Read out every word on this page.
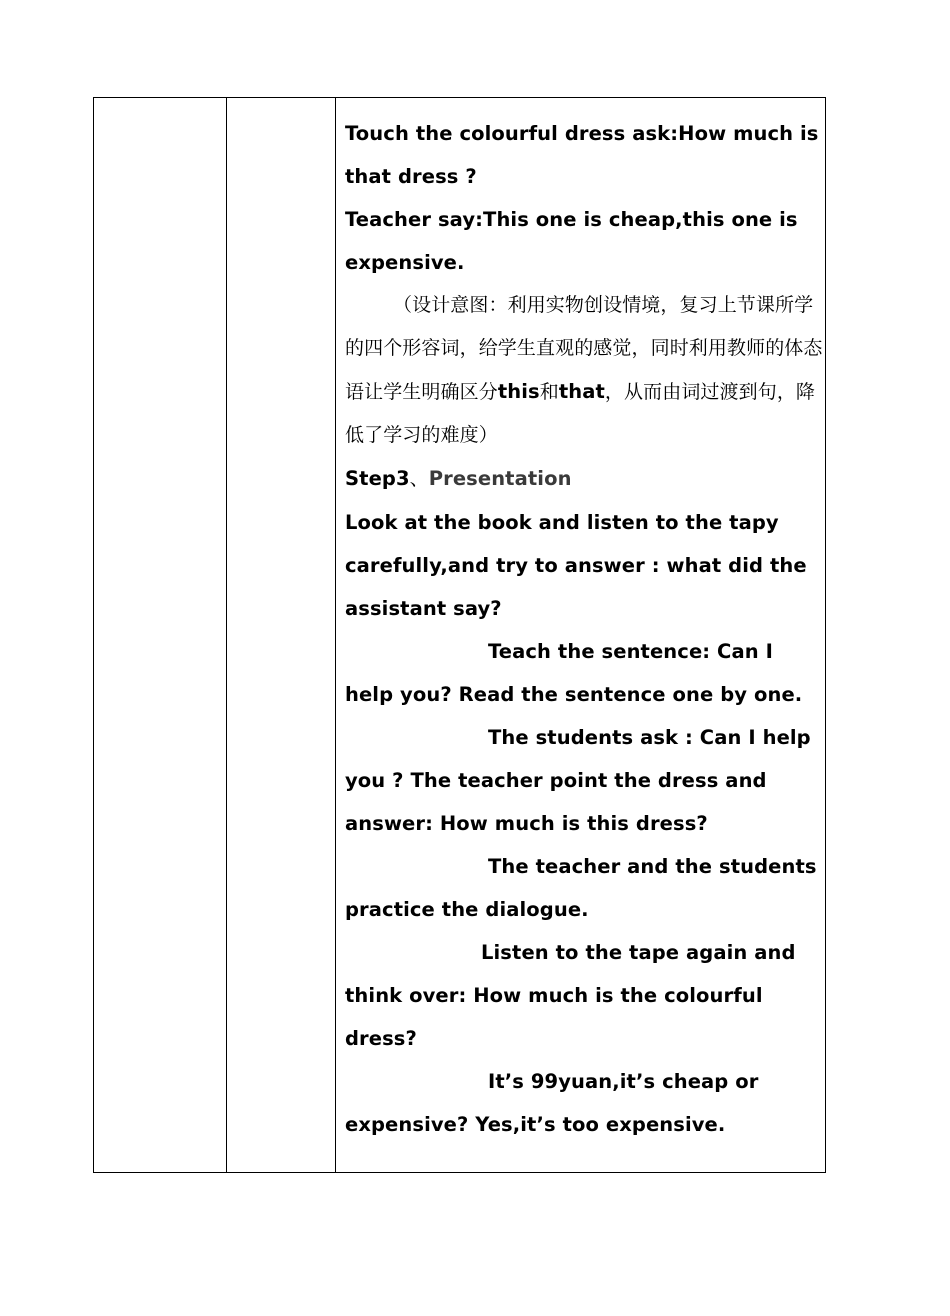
Touch the colourful dress ask:How much is that dress ?

Teacher say:This one is cheap,this one is expensive.

（设计意图：利用实物创设情境，复习上节课所学的四个形容词，给学生直观的感觉，同时利用教师的体态语让学生明确区分this和that，从而由词过渡到句，降低了学习的难度）

Step3、Presentation

Look at the book and listen to the tapy carefully,and try to answer : what did the assistant say?

Teach the sentence: Can I help you? Read the sentence one by one.

The students ask : Can I help you ? The teacher point the dress and answer: How much is this dress?

The teacher and the students practice the dialogue.

Listen to the tape again and think over: How much is the colourful dress?

It’s 99yuan,it’s cheap or expensive? Yes,it’s too expensive.
